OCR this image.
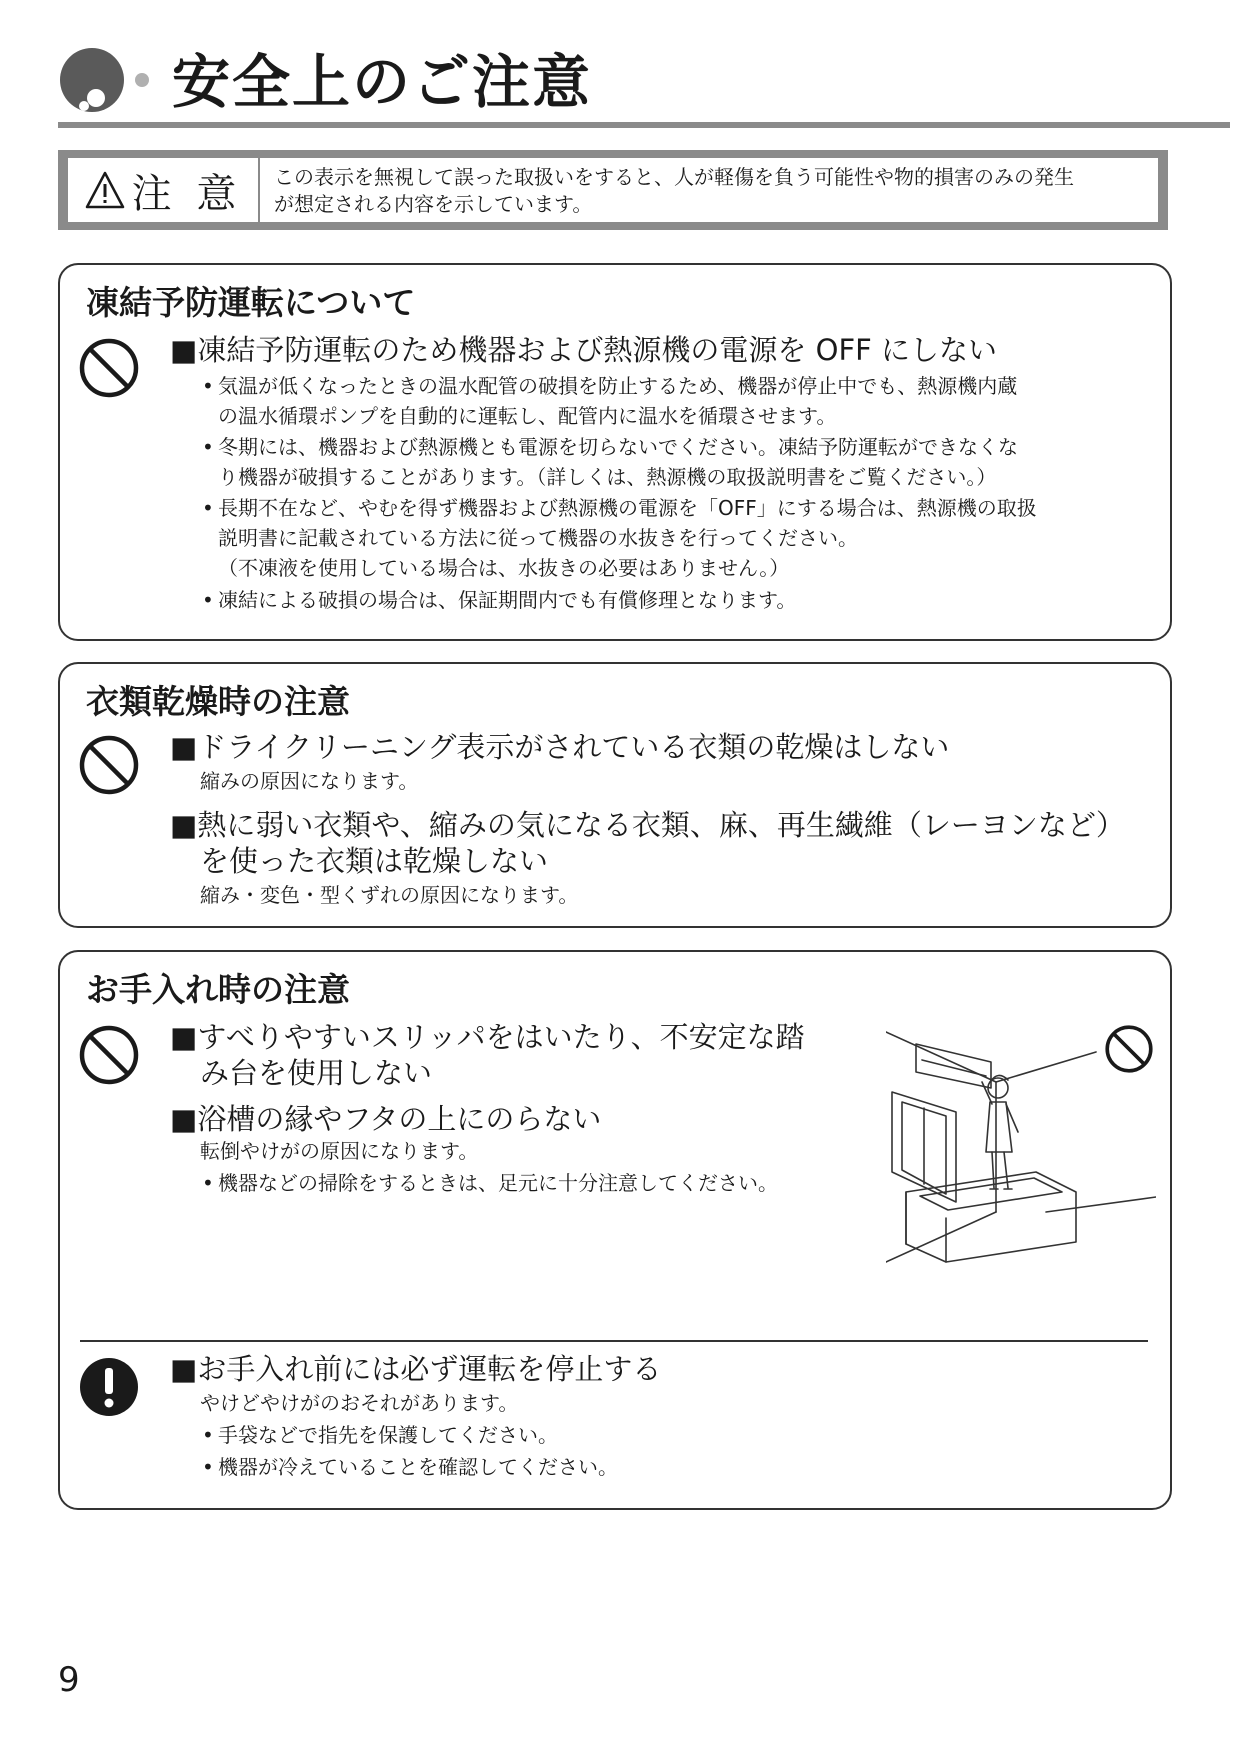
安全上のご注意
注 意 この表示を無視して誤った取扱いをすると、人が軽傷を負う可能性や物的損害のみの発生
が想定される内容を示しています。
凍結予防運転について
■凍結予防運転のため機器および熱源機の電源を OFF にしない
• 気温が低くなったときの温水配管の破損を防止するため、機器が停止中でも、熱源機内蔵
の温水循環ポンプを自動的に運転し、配管内に温水を循環させます。
• 冬期には、機器および熱源機とも電源を切らないでください。凍結予防運転ができなくな
り機器が破損することがあります。（詳しくは、熱源機の取扱説明書をご覧ください。）
• 長期不在など、やむを得ず機器および熱源機の電源を「OFF」にする場合は、熱源機の取扱
説明書に記載されている方法に従って機器の水抜きを行ってください。
（不凍液を使用している場合は、水抜きの必要はありません。）
• 凍結による破損の場合は、保証期間内でも有償修理となります。
衣類乾燥時の注意
■ドライクリーニング表示がされている衣類の乾燥はしない
縮みの原因になります。
■熱に弱い衣類や、縮みの気になる衣類、麻、再生繊維（レーヨンなど）
を使った衣類は乾燥しない
縮み・変色・型くずれの原因になります。
お手入れ時の注意
■すべりやすいスリッパをはいたり、不安定な踏
み台を使用しない
■浴槽の縁やフタの上にのらない
転倒やけがの原因になります。
• 機器などの掃除をするときは、足元に十分注意してください。
■お手入れ前には必ず運転を停止する
やけどやけがのおそれがあります。
• 手袋などで指先を保護してください。
• 機器が冷えていることを確認してください。
9
